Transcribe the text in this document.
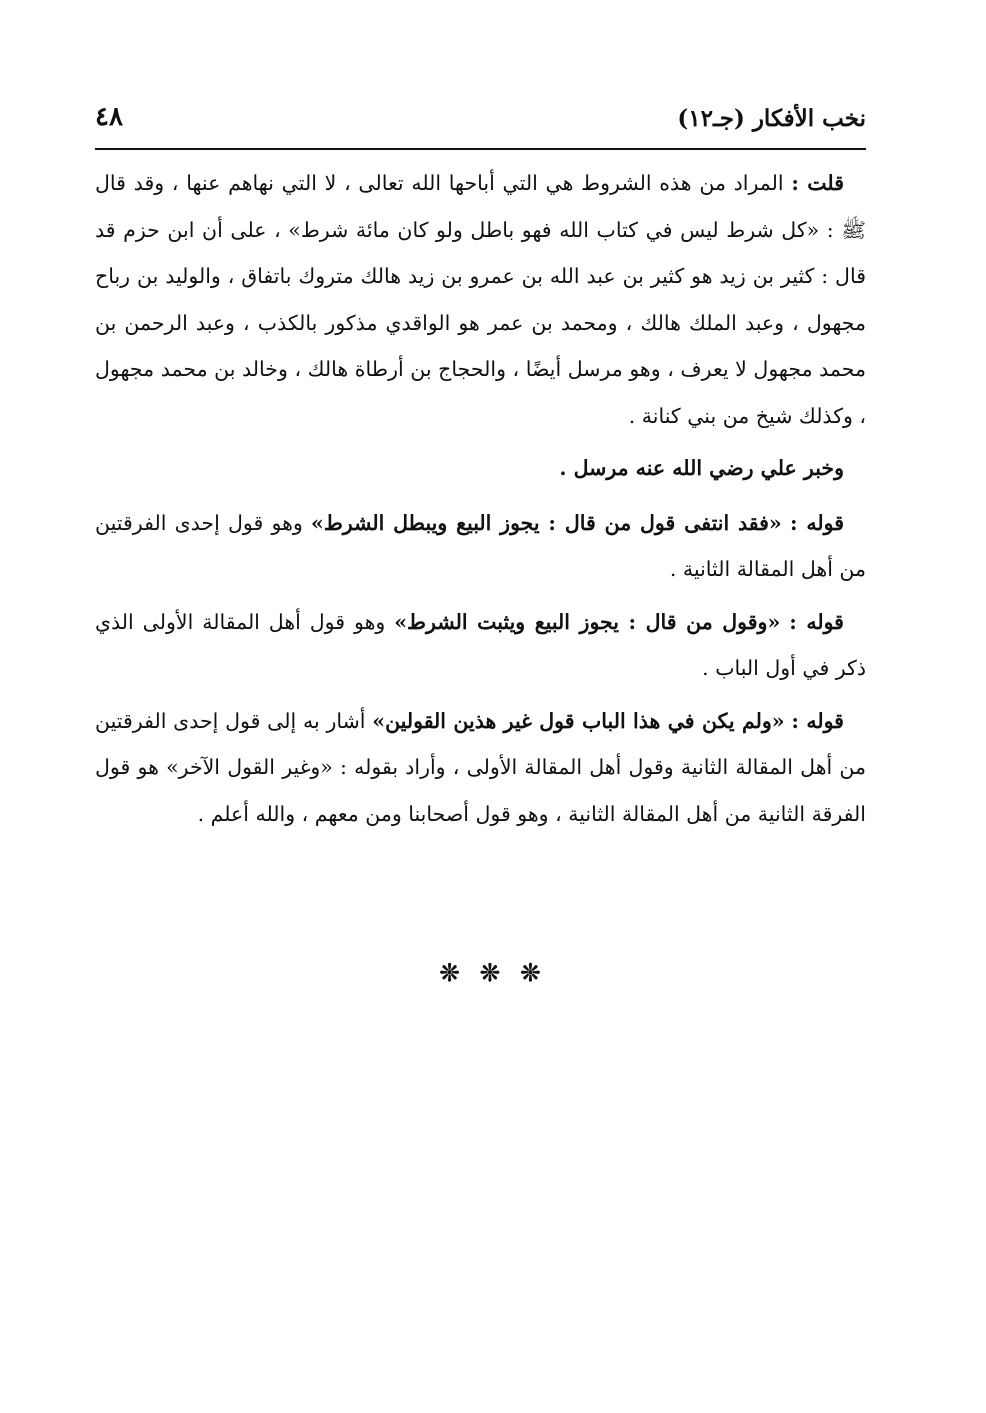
نخب الأفكار (جـ١٢)
٤٨

قلت : المراد من هذه الشروط هي التي أباحها الله تعالى ، لا التي نهاهم عنها ، وقد قال ﷺ : «كل شرط ليس في كتاب الله فهو باطل ولو كان مائة شرط» ، على أن ابن حزم قد قال : كثير بن زيد هو كثير بن عبد الله بن عمرو بن زيد هالك متروك باتفاق ، والوليد بن رباح مجهول ، وعبد الملك هالك ، ومحمد بن عمر هو الواقدي مذكور بالكذب ، وعبد الرحمن بن محمد مجهول لا يعرف ، وهو مرسل أيضًا ، والحجاج بن أرطاة هالك ، وخالد بن محمد مجهول ، وكذلك شيخ من بني كنانة .

وخبر علي رضي الله عنه مرسل .

قوله : «فقد انتفى قول من قال : يجوز البيع ويبطل الشرط» وهو قول إحدى الفرقتين من أهل المقالة الثانية .

قوله : «وقول من قال : يجوز البيع ويثبت الشرط» وهو قول أهل المقالة الأولى الذي ذكر في أول الباب .

قوله : «ولم يكن في هذا الباب قول غير هذين القولين» أشار به إلى قول إحدى الفرقتين من أهل المقالة الثانية وقول أهل المقالة الأولى ، وأراد بقوله : «وغير القول الآخر» هو قول الفرقة الثانية من أهل المقالة الثانية ، وهو قول أصحابنا ومن معهم ، والله أعلم .

❊ ❊ ❊
